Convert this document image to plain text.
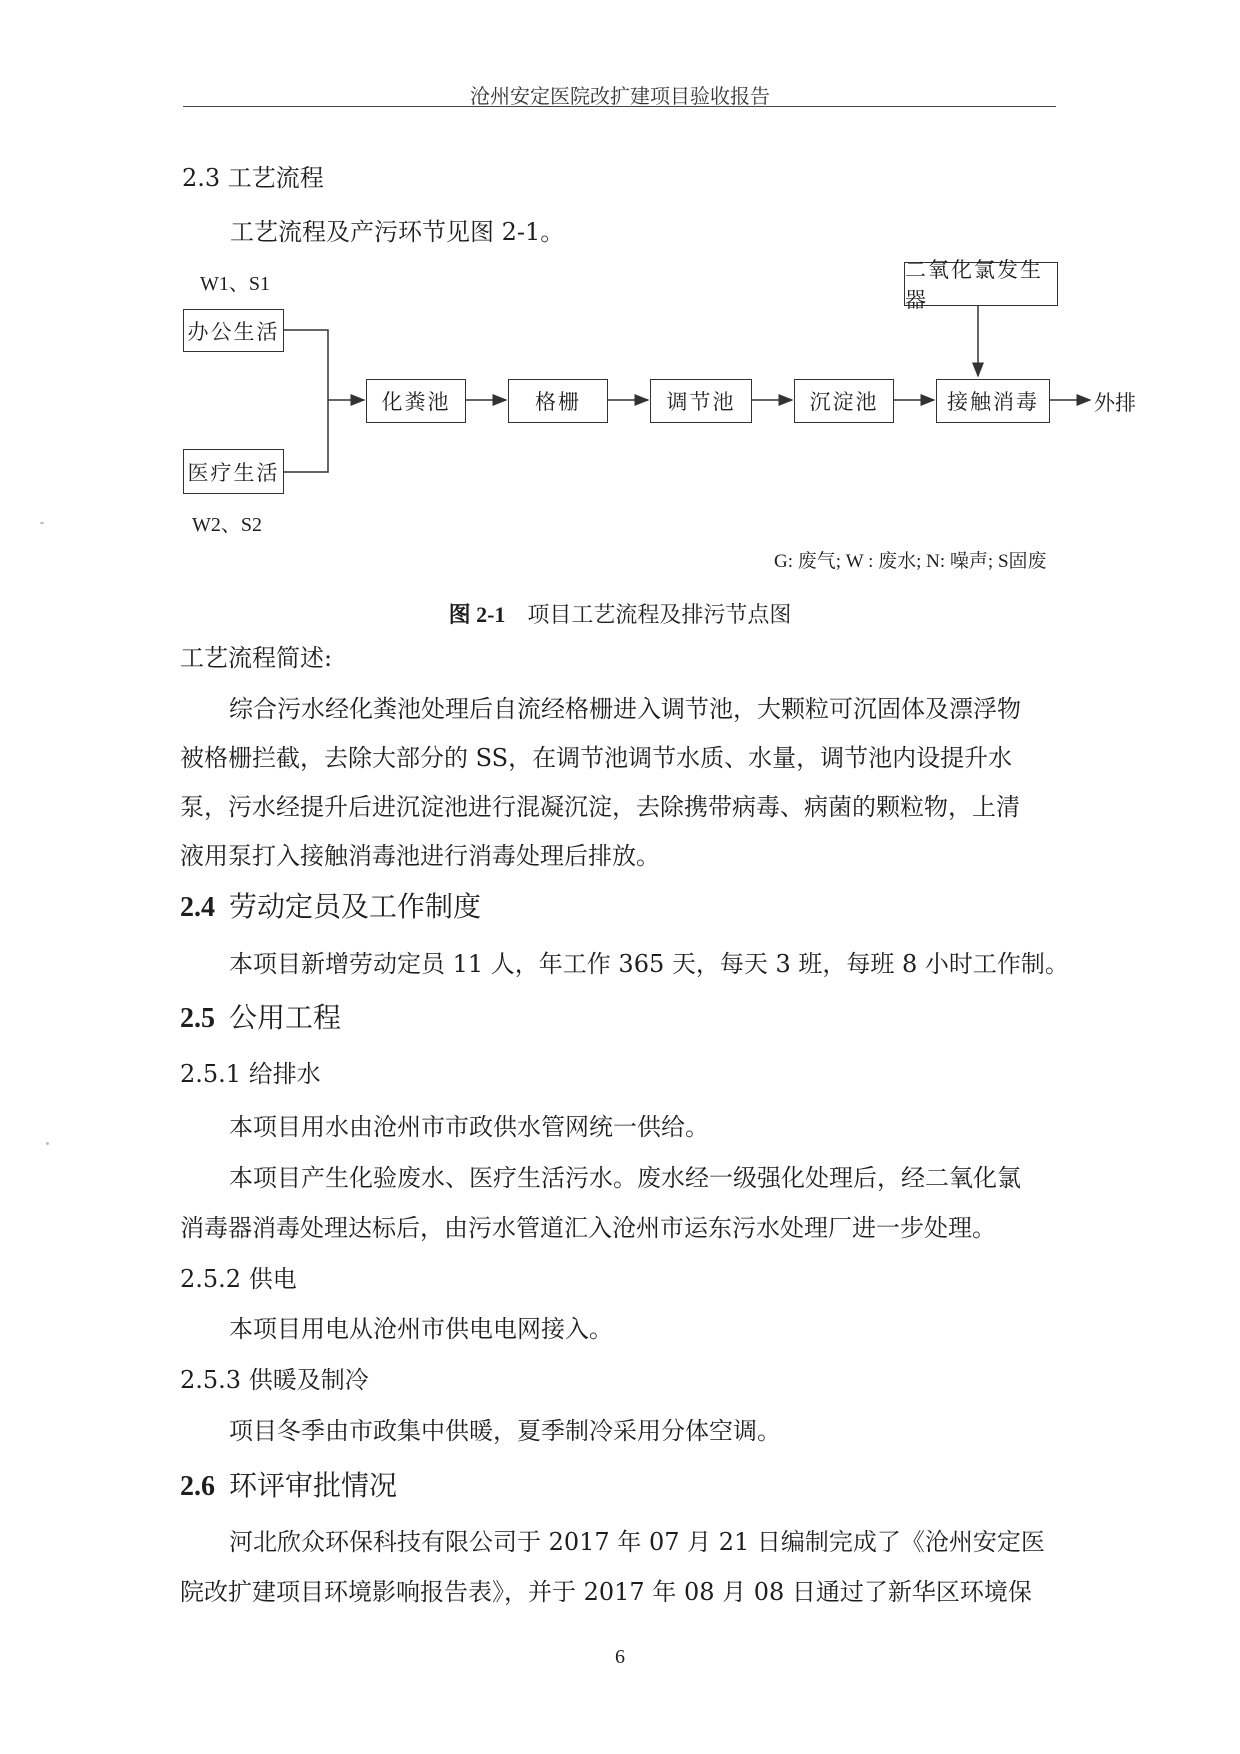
沧州安定医院改扩建项目验收报告
2.3 工艺流程
工艺流程及产污环节见图 2-1。
W1、S1
W2、S2
办公生活
医疗生活
化粪池	格栅	调节池	沉淀池	接触消毒
二氧化氯发生器
外排
G: 废气; W : 废水; N: 噪声; S固废
图 2-1 项目工艺流程及排污节点图
工艺流程简述:
综合污水经化粪池处理后自流经格栅进入调节池，大颗粒可沉固体及漂浮物
被格栅拦截，去除大部分的 SS，在调节池调节水质、水量，调节池内设提升水
泵，污水经提升后进沉淀池进行混凝沉淀，去除携带病毒、病菌的颗粒物，上清
液用泵打入接触消毒池进行消毒处理后排放。
2.4 劳动定员及工作制度
本项目新增劳动定员 11 人，年工作 365 天，每天 3 班，每班 8 小时工作制。
2.5 公用工程
2.5.1 给排水
本项目用水由沧州市市政供水管网统一供给。
本项目产生化验废水、医疗生活污水。废水经一级强化处理后，经二氧化氯
消毒器消毒处理达标后，由污水管道汇入沧州市运东污水处理厂进一步处理。
2.5.2 供电
本项目用电从沧州市供电电网接入。
2.5.3 供暖及制冷
项目冬季由市政集中供暖，夏季制冷采用分体空调。
2.6 环评审批情况
河北欣众环保科技有限公司于 2017 年 07 月 21 日编制完成了《沧州安定医
院改扩建项目环境影响报告表》，并于 2017 年 08 月 08 日通过了新华区环境保
6
